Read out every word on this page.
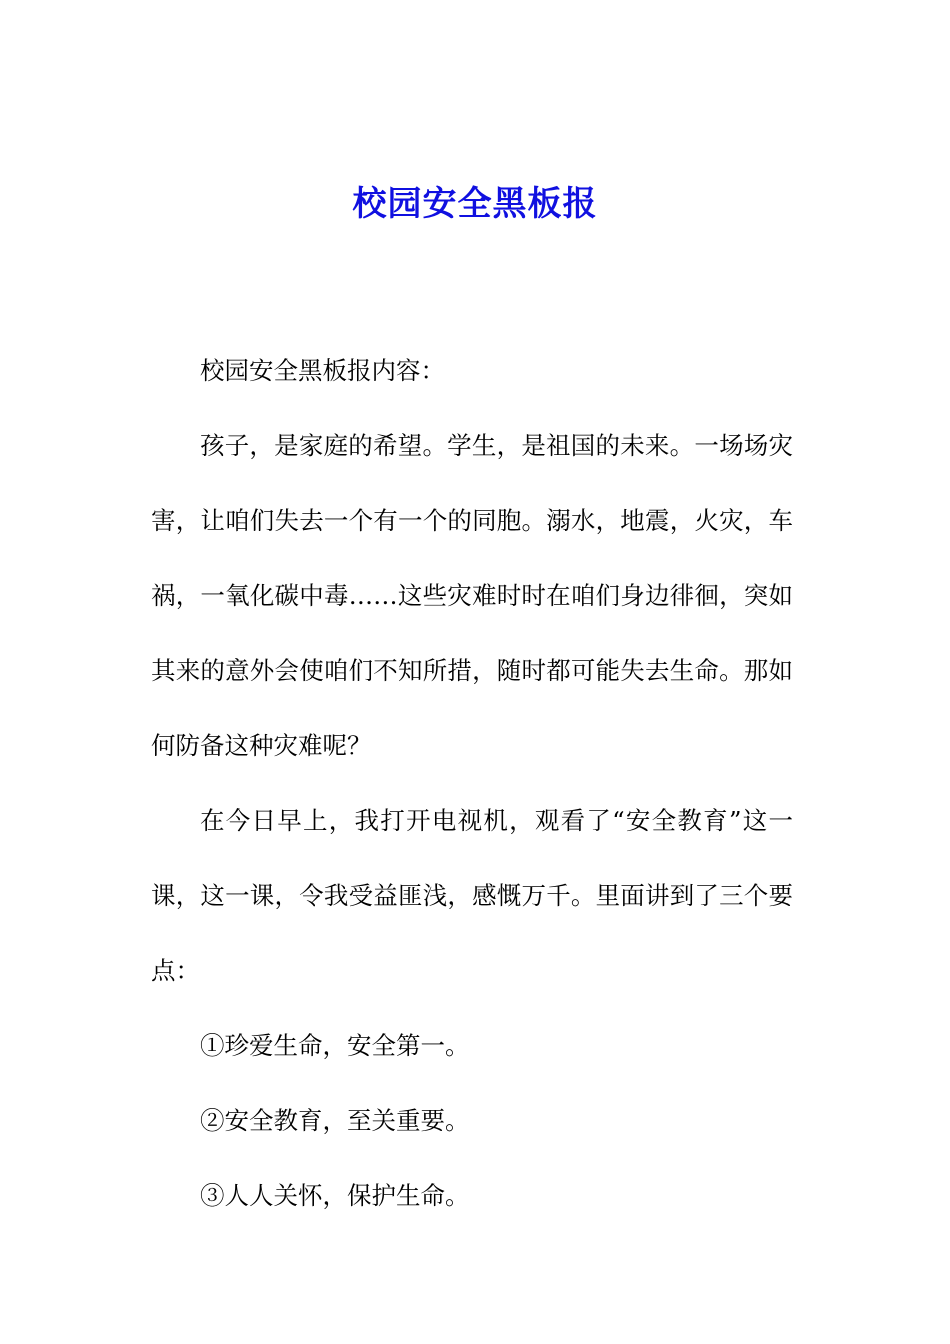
校园安全黑板报

校园安全黑板报内容：

孩子，是家庭的希望。学生，是祖国的未来。一场场灾害，让咱们失去一个有一个的同胞。溺水，地震，火灾，车祸，一氧化碳中毒……这些灾难时时在咱们身边徘徊，突如其来的意外会使咱们不知所措，随时都可能失去生命。那如何防备这种灾难呢？

在今日早上，我打开电视机，观看了“安全教育”这一课，这一课，令我受益匪浅，感慨万千。里面讲到了三个要点：

①珍爱生命，安全第一。

②安全教育，至关重要。

③人人关怀，保护生命。
